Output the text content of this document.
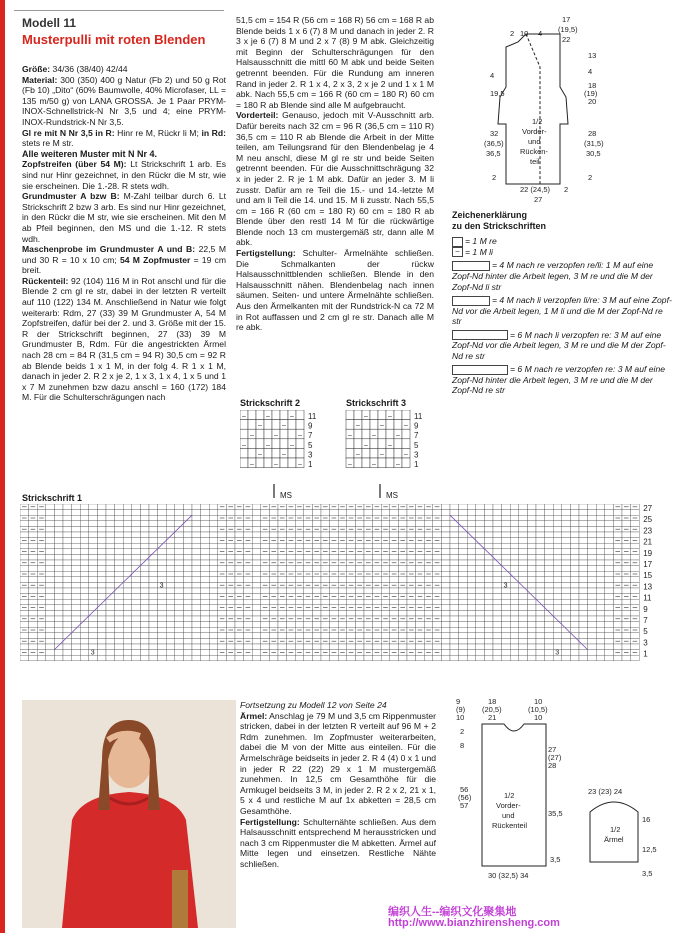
Modell 11
Musterpulli mit roten Blenden

Größe: 34/36 (38/40) 42/44

Material: 300 (350) 400 g Natur (Fb 2) und 50 g Rot (Fb 10) „Dito“ (60% Baumwolle, 40% Microfaser, LL = 135 m/50 g) von LANA GROSSA. Je 1 Paar PRYM-INOX-Schnellstrick-N Nr 3,5 und 4; eine PRYM-INOX-Rundstrick-N Nr 3,5.

Gl re mit N Nr 3,5 in R: Hinr re M, Rückr li M; in Rd: stets re M str.

Alle weiteren Muster mit N Nr 4.

Zopfstreifen (über 54 M): Lt Strickschrift 1 arb. Es sind nur Hinr gezeichnet, in den Rückr die M str, wie sie erscheinen. Die 1.-28. R stets wdh.

Grundmuster A bzw B: M-Zahl teilbar durch 6. Lt Strickschrift 2 bzw 3 arb. Es sind nur Hinr gezeichnet, in den Rückr die M str, wie sie erscheinen. Mit den M ab Pfeil beginnen, den MS und die 1.-12. R stets wdh.

Maschenprobe im Grundmuster A und B: 22,5 M und 30 R = 10 x 10 cm; 54 M Zopfmuster = 19 cm breit.

Rückenteil: 92 (104) 116 M in Rot anschl und für die Blende 2 cm gl re str, dabei in der letzten R verteilt auf 110 (122) 134 M. Anschließend in Natur wie folgt weiterarb: Rdm, 27 (33) 39 M Grundmuster A, 54 M Zopfstreifen, dafür bei der 2. und 3. Größe mit der 15. R der Strickschrift beginnen, 27 (33) 39 M Grundmuster B, Rdm. Für die angestrickten Ärmel nach 28 cm = 84 R (31,5 cm = 94 R) 30,5 cm = 92 R ab Blende beids 1 x 1 M, in der folg 4. R 1 x 1 M, danach in jeder 2. R 2 x je 2, 1 x 3, 1 x 4, 1 x 5 und 1 x 7 M zunehmen bzw dazu anschl = 160 (172) 184 M. Für die Schulterschrägungen nach

51,5 cm = 154 R (56 cm = 168 R) 56 cm = 168 R ab Blende beids 1 x 6 (7) 8 M und danach in jeder 2. R 3 x je 6 (7) 8 M und 2 x 7 (8) 9 M abk. Gleichzeitig mit Beginn der Schulterschrägungen für den Halsausschnitt die mittl 60 M abk und beide Seiten getrennt beenden. Für die Rundung am inneren Rand in jeder 2. R 1 x 4, 2 x 3, 2 x je 2 und 1 x 1 M abk. Nach 55,5 cm = 166 R (60 cm = 180 R) 60 cm = 180 R ab Blende sind alle M aufgebraucht.

Vorderteil: Genauso, jedoch mit V-Ausschnitt arb. Dafür bereits nach 32 cm = 96 R (36,5 cm = 110 R) 36,5 cm = 110 R ab Blende die Arbeit in der Mitte teilen, am Teilungsrand für den Blendenbelag je 4 M neu anschl, diese M gl re str und beide Seiten getrennt beenden. Für die Ausschnittschrägung 32 x in jeder 2. R je 1 M abk. Dafür an jeder 3. M li zusstr. Dafür am re Teil die 15.- und 14.-letzte M und am li Teil die 14. und 15. M li zusstr. Nach 55,5 cm = 166 R (60 cm = 180 R) 60 cm = 180 R ab Blende über den restl 14 M für die rückwärtige Blende noch 13 cm mustergemäß str, dann alle M abk.

Fertigstellung: Schulter- Ärmelnähte schließen. Die Schmalkanten der rückw Halsausschnittblenden schließen. Blende in den Halsausschnitt nähen. Blendenbelag nach innen säumen. Seiten- und untere Ärmelnähte schließen. Aus den Ärmelkanten mit der Rundstrick-N ca 72 M in Rot auffassen und 2 cm gl re str. Danach alle M re abk.

1/2
Vorder-
und
Rücken-
teil
2 10 4
17
(19,5)
22
13
19,5
4	4
18
(19)
20
32
(36,5)
36,5
28
(31,5)
30,5
2	2
22 (24,5)
27
2
Zeichenerklärung
zu den Strickschriften
= 1 M re
– = 1 M li
= 4 M nach re verzopfen re/li: 1 M auf eine Zopf-Nd hinter die Arbeit legen, 3 M re und die M der Zopf-Nd li str
= 4 M nach li verzopfen li/re: 3 M auf eine Zopf-Nd vor die Arbeit legen, 1 M li und die M der Zopf-Nd re str
= 6 M nach li verzopfen re: 3 M auf eine Zopf-Nd vor die Arbeit legen, 3 M re und die M der Zopf-Nd re str
= 6 M nach re verzopfen re: 3 M auf eine Zopf-Nd hinter die Arbeit legen, 3 M re und die M der Zopf-Nd re str
Strickschrift 2	Strickschrift 3
–	–	–
–	–
–	–	–
–	–	–
–	–
–	–	–
11
9
7
5
3
1
MS
–	–
–	–	–
–	–	–
–	–
–	–	–
–	–	–
11
9
7
5
3
1
MS
Strickschrift 1
3
3	3
3
27
25
23
21
19
17
15
13
11
9
7
5
3
1

Fortsetzung zu Modell 12 von Seite 24

Ärmel: Anschlag je 79 M und 3,5 cm Rippenmuster stricken, dabei in der letzten R verteilt auf 96 M + 2 Rdm zunehmen. Im Zopfmuster weiterarbeiten, dabei die M von der Mitte aus einteilen. Für die Ärmelschräge beidseits in jeder 2. R 4 (4) 0 x 1 und in jeder R 22 (22) 29 x 1 M mustergemäß zunehmen. In 12,5 cm Gesamthöhe für die Armkugel beidseits 3 M, in jeder 2. R 2 x 2, 21 x 1, 5 x 4 und restliche M auf 1x abketten = 28,5 cm Gesamthöhe.

Fertigstellung: Schulternähte schließen. Aus dem Halsausschnitt entsprechend M herausstricken und nach 3 cm Rippenmuster die M abketten. Ärmel auf Mitte legen und einsetzen. Restliche Nähte schließen.

1/2
Vorder-
und
Rückenteil
9
(9)
10
18
(20,5)
21
10
(10,5)
10
2
8	27
(27)
28
56
(56)
57
35,5
3,5
30 (32,5) 34
23 (23) 24
1/2
Ärmel
16
12,5
3,5
编织人生--编织文化聚集地
http://www.bianzhirensheng.com
